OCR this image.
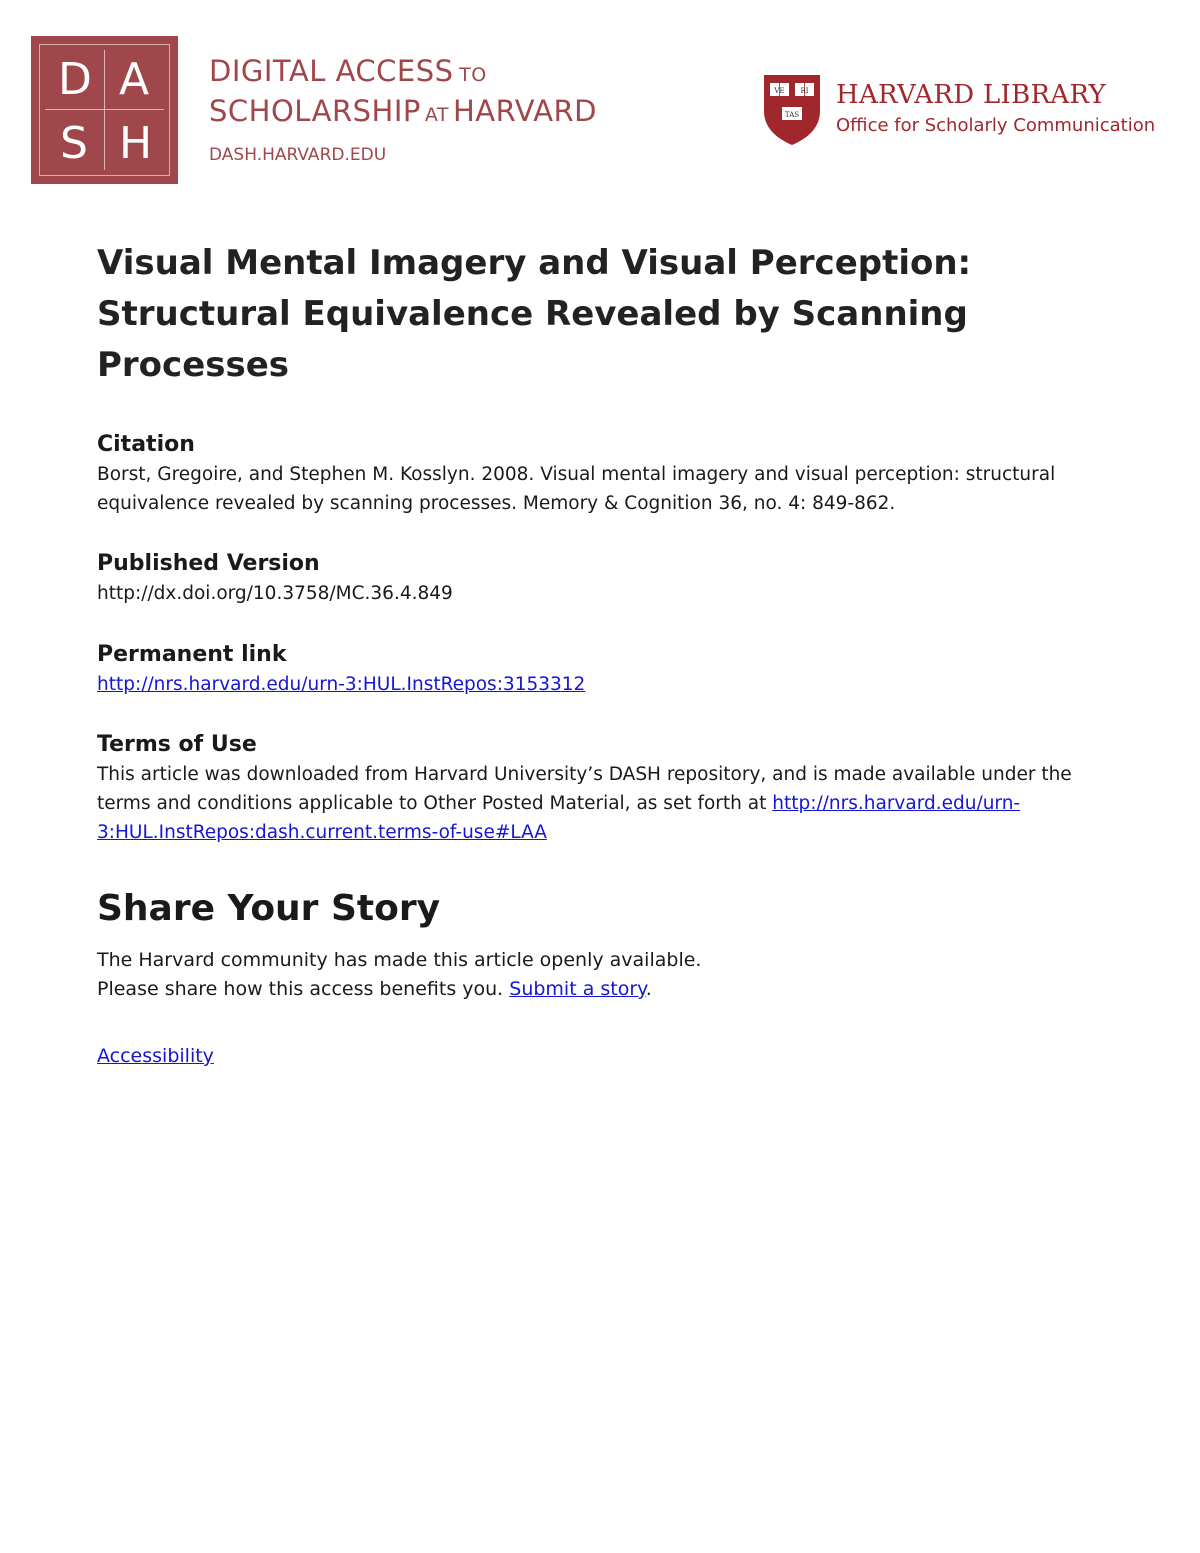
D A
S H
DIGITAL ACCESS TO
SCHOLARSHIP AT HARVARD
DASH.HARVARD.EDU
VE RI
TAS
HARVARD LIBRARY
Office for Scholarly Communication
Visual Mental Imagery and Visual Perception: Structural Equivalence Revealed by Scanning Processes
Citation

Borst, Gregoire, and Stephen M. Kosslyn. 2008. Visual mental imagery and visual perception: structural equivalence revealed by scanning processes. Memory & Cognition 36, no. 4: 849-862.

Published Version

http://dx.doi.org/10.3758/MC.36.4.849

Permanent link

http://nrs.harvard.edu/urn-3:HUL.InstRepos:3153312

Terms of Use

This article was downloaded from Harvard University’s DASH repository, and is made available under the terms and conditions applicable to Other Posted Material, as set forth at http://nrs.harvard.edu/urn-3:HUL.InstRepos:dash.current.terms-of-use#LAA

Share Your Story

The Harvard community has made this article openly available.
Please share how this access benefits you. Submit a story.

Accessibility
